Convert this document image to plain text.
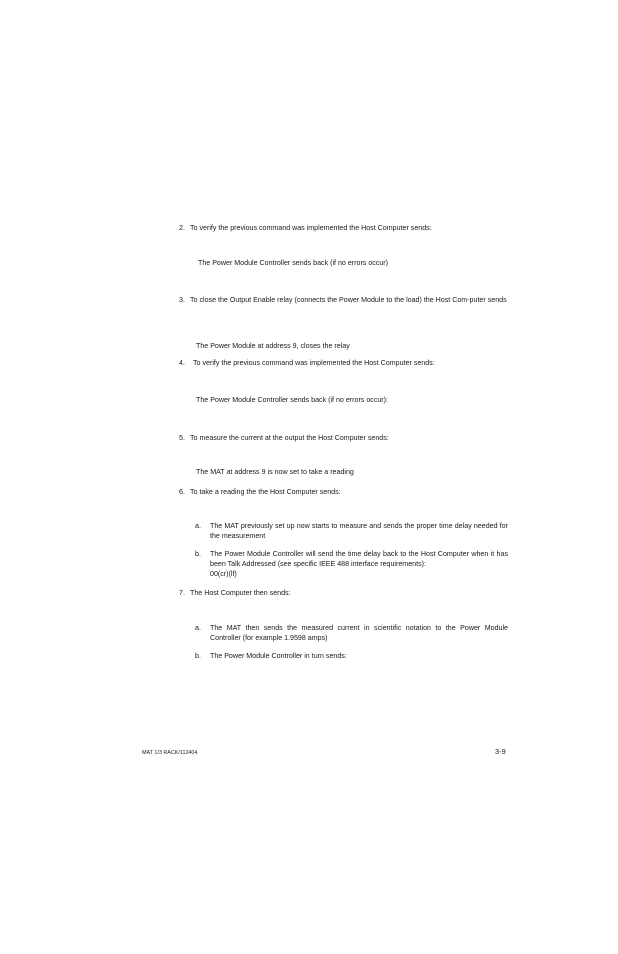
2. To verify the previous command was implemented the Host Computer sends:
The Power Module Controller sends back (if no errors occur)
3. To close the Output Enable relay (connects the Power Module to the load) the Host Com-puter sends

The Power Module at address 9, closes the relay
4. To verify the previous command was implemented the Host Computer sends:
The Power Module Controller sends back (if no errors occur):
5. To measure the current at the output the Host Computer sends:
The MAT at address 9 is now set to take a reading
6. To take a reading the the Host Computer sends:
a. The MAT previously set up now starts to measure and sends the proper time delay needed for the measurement

b. The Power Module Controller will send the time delay back to the Host Computer when it has been Talk Addressed (see specific IEEE 488 interface requirements):

00(cr)(lf)
7. The Host Computer then sends:
a. The MAT then sends the measured current in scientific notation to the Power Module Controller (for example 1.9598 amps)

b. The Power Module Controller in turn sends:
MAT 1/3 RACK/112404	3-9
